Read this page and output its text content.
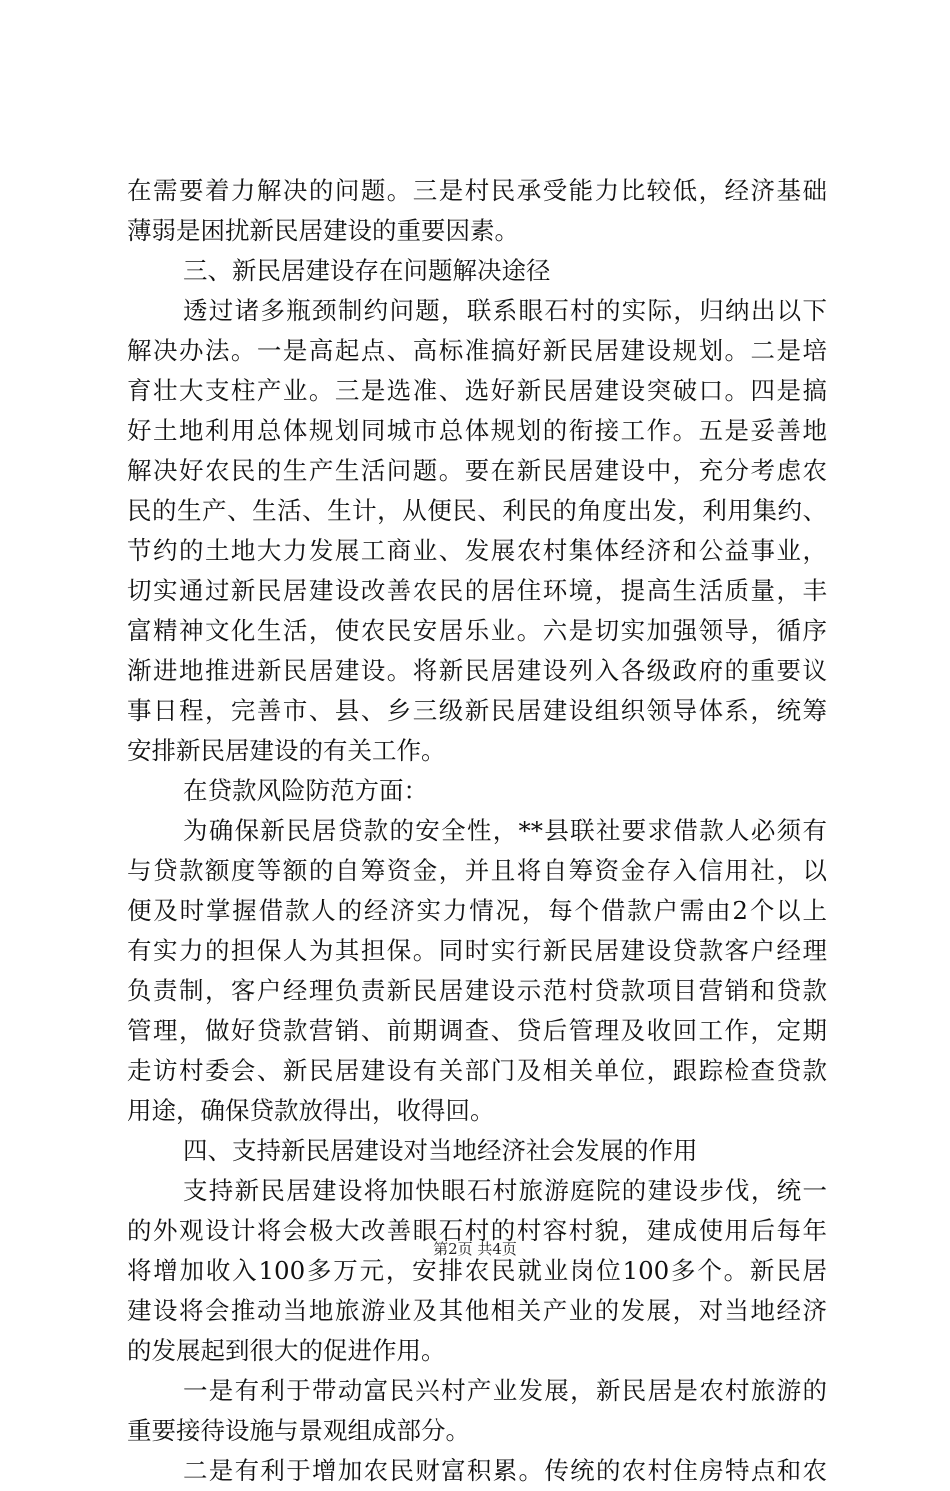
在需要着力解决的问题。三是村民承受能力比较低，经济基础
薄弱是困扰新民居建设的重要因素。
三、新民居建设存在问题解决途径
透过诸多瓶颈制约问题，联系眼石村的实际，归纳出以下
解决办法。一是高起点、高标准搞好新民居建设规划。二是培
育壮大支柱产业。三是选准、选好新民居建设突破口。四是搞
好土地利用总体规划同城市总体规划的衔接工作。五是妥善地
解决好农民的生产生活问题。要在新民居建设中，充分考虑农
民的生产、生活、生计，从便民、利民的角度出发，利用集约、
节约的土地大力发展工商业、发展农村集体经济和公益事业，
切实通过新民居建设改善农民的居住环境，提高生活质量，丰
富精神文化生活，使农民安居乐业。六是切实加强领导，循序
渐进地推进新民居建设。将新民居建设列入各级政府的重要议
事日程，完善市、县、乡三级新民居建设组织领导体系，统筹
安排新民居建设的有关工作。
在贷款风险防范方面：
为确保新民居贷款的安全性，**县联社要求借款人必须有
与贷款额度等额的自筹资金，并且将自筹资金存入信用社，以
便及时掌握借款人的经济实力情况，每个借款户需由2个以上
有实力的担保人为其担保。同时实行新民居建设贷款客户经理
负责制，客户经理负责新民居建设示范村贷款项目营销和贷款
管理，做好贷款营销、前期调查、贷后管理及收回工作，定期
走访村委会、新民居建设有关部门及相关单位，跟踪检查贷款
用途，确保贷款放得出，收得回。
四、支持新民居建设对当地经济社会发展的作用
支持新民居建设将加快眼石村旅游庭院的建设步伐，统一
的外观设计将会极大改善眼石村的村容村貌，建成使用后每年
将增加收入100多万元，安排农民就业岗位100多个。新民居
建设将会推动当地旅游业及其他相关产业的发展，对当地经济
的发展起到很大的促进作用。
一是有利于带动富民兴村产业发展，新民居是农村旅游的
重要接待设施与景观组成部分。
二是有利于增加农民财富积累。传统的农村住房特点和农
第2页 共4页
